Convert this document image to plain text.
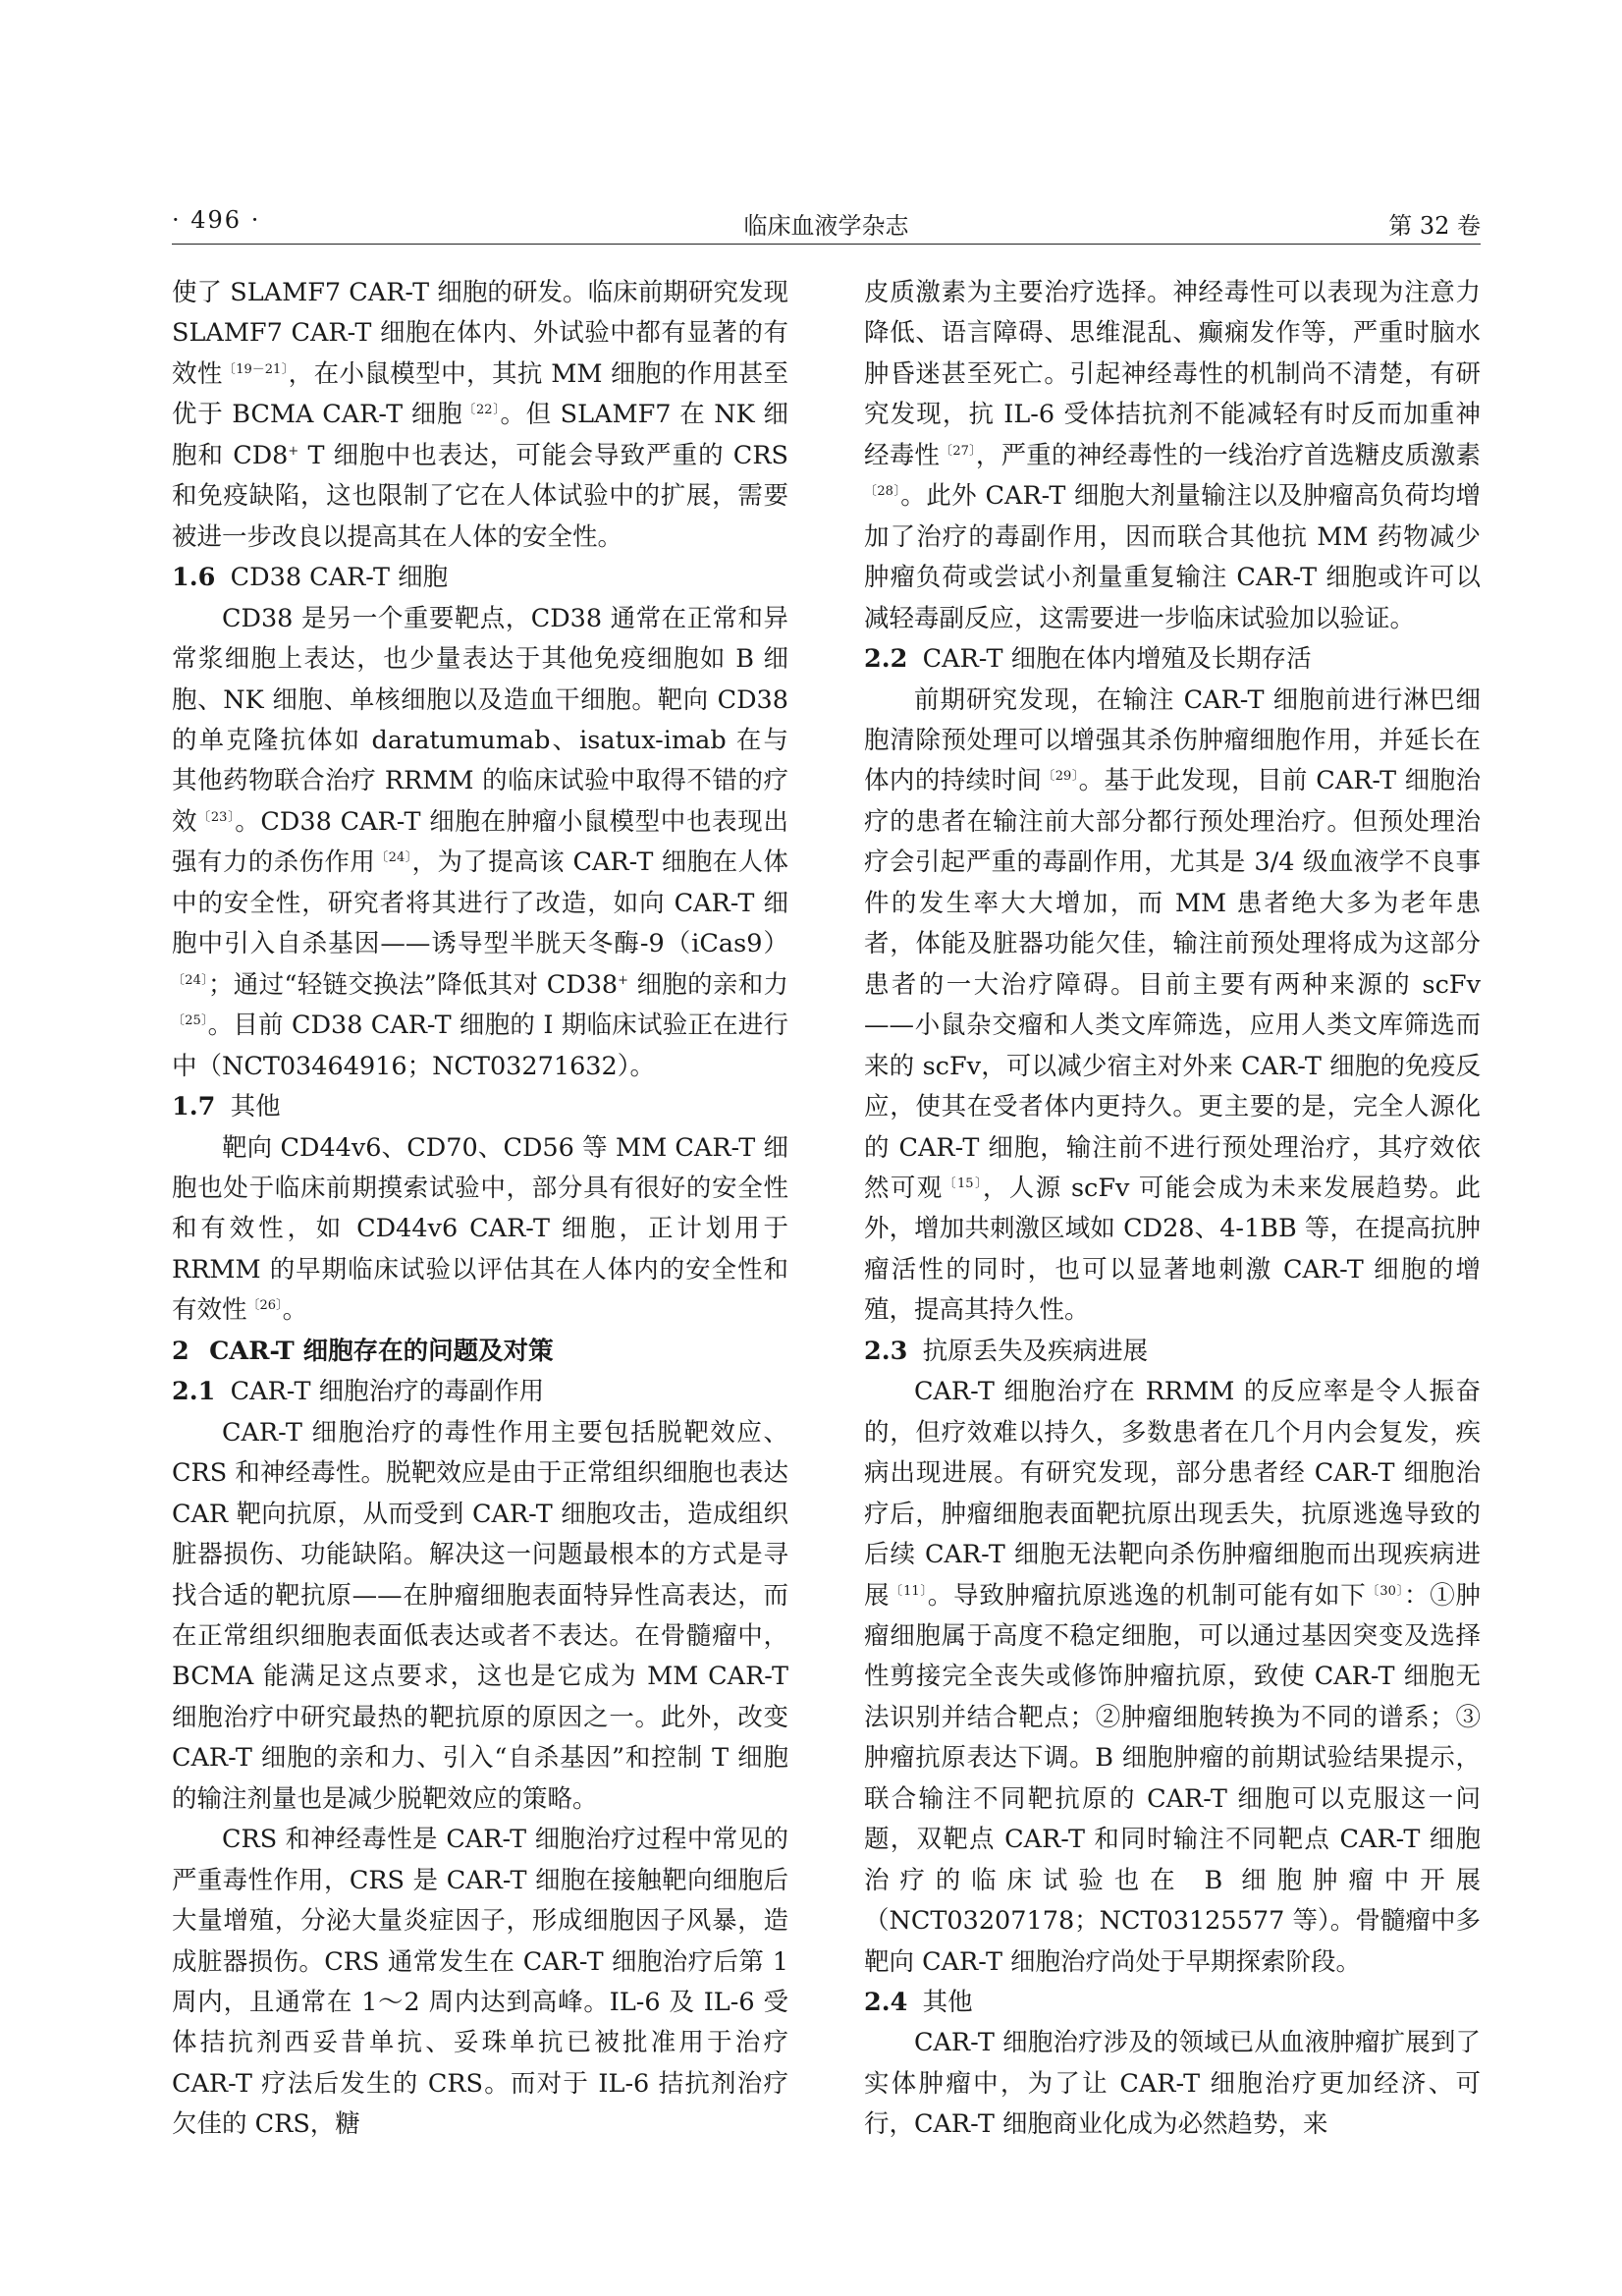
· 496 ·	临床血液学杂志	第 32 卷

使了 SLAMF7 CAR-T 细胞的研发。临床前期研究发现 SLAMF7 CAR-T 细胞在体内、外试验中都有显著的有效性$^{〔19-21〕}$，在小鼠模型中，其抗 MM 细胞的作用甚至优于 BCMA CAR-T 细胞$^{〔22〕}$。但 SLAMF7 在 NK 细胞和 CD8+ T 细胞中也表达，可能会导致严重的 CRS 和免疫缺陷，这也限制了它在人体试验中的扩展，需要被进一步改良以提高其在人体的安全性。

1.6 CD38 CAR-T 细胞

CD38 是另一个重要靶点，CD38 通常在正常和异常浆细胞上表达，也少量表达于其他免疫细胞如 B 细胞、NK 细胞、单核细胞以及造血干细胞。靶向 CD38 的单克隆抗体如 daratumumab、isatux-imab 在与其他药物联合治疗 RRMM 的临床试验中取得不错的疗效$^{〔23〕}$。CD38 CAR-T 细胞在肿瘤小鼠模型中也表现出强有力的杀伤作用$^{〔24〕}$，为了提高该 CAR-T 细胞在人体中的安全性，研究者将其进行了改造，如向 CAR-T 细胞中引入自杀基因——诱导型半胱天冬酶-9（iCas9）$^{〔24〕}$；通过“轻链交换法”降低其对 CD38+ 细胞的亲和力$^{〔25〕}$。目前 CD38 CAR-T 细胞的 Ⅰ 期临床试验正在进行中（NCT03464916；NCT03271632）。

1.7 其他

靶向 CD44v6、CD70、CD56 等 MM CAR-T 细胞也处于临床前期摸索试验中，部分具有很好的安全性和有效性，如 CD44v6 CAR-T 细胞，正计划用于 RRMM 的早期临床试验以评估其在人体内的安全性和有效性$^{〔26〕}$。

2 CAR-T 细胞存在的问题及对策
2.1 CAR-T 细胞治疗的毒副作用

CAR-T 细胞治疗的毒性作用主要包括脱靶效应、CRS 和神经毒性。脱靶效应是由于正常组织细胞也表达 CAR 靶向抗原，从而受到 CAR-T 细胞攻击，造成组织脏器损伤、功能缺陷。解决这一问题最根本的方式是寻找合适的靶抗原——在肿瘤细胞表面特异性高表达，而在正常组织细胞表面低表达或者不表达。在骨髓瘤中，BCMA 能满足这点要求，这也是它成为 MM CAR-T 细胞治疗中研究最热的靶抗原的原因之一。此外，改变 CAR-T 细胞的亲和力、引入“自杀基因”和控制 T 细胞的输注剂量也是减少脱靶效应的策略。

CRS 和神经毒性是 CAR-T 细胞治疗过程中常见的严重毒性作用，CRS 是 CAR-T 细胞在接触靶向细胞后大量增殖，分泌大量炎症因子，形成细胞因子风暴，造成脏器损伤。CRS 通常发生在 CAR-T 细胞治疗后第 1 周内，且通常在 1～2 周内达到高峰。IL-6 及 IL-6 受体拮抗剂西妥昔单抗、妥珠单抗已被批准用于治疗 CAR-T 疗法后发生的 CRS。而对于 IL-6 拮抗剂治疗欠佳的 CRS，糖

皮质激素为主要治疗选择。神经毒性可以表现为注意力降低、语言障碍、思维混乱、癫痫发作等，严重时脑水肿昏迷甚至死亡。引起神经毒性的机制尚不清楚，有研究发现，抗 IL-6 受体拮抗剂不能减轻有时反而加重神经毒性$^{〔27〕}$，严重的神经毒性的一线治疗首选糖皮质激素$^{〔28〕}$。此外 CAR-T 细胞大剂量输注以及肿瘤高负荷均增加了治疗的毒副作用，因而联合其他抗 MM 药物减少肿瘤负荷或尝试小剂量重复输注 CAR-T 细胞或许可以减轻毒副反应，这需要进一步临床试验加以验证。

2.2 CAR-T 细胞在体内增殖及长期存活

前期研究发现，在输注 CAR-T 细胞前进行淋巴细胞清除预处理可以增强其杀伤肿瘤细胞作用，并延长在体内的持续时间$^{〔29〕}$。基于此发现，目前 CAR-T 细胞治疗的患者在输注前大部分都行预处理治疗。但预处理治疗会引起严重的毒副作用，尤其是 3/4 级血液学不良事件的发生率大大增加，而 MM 患者绝大多为老年患者，体能及脏器功能欠佳，输注前预处理将成为这部分患者的一大治疗障碍。目前主要有两种来源的 scFv——小鼠杂交瘤和人类文库筛选，应用人类文库筛选而来的 scFv，可以减少宿主对外来 CAR-T 细胞的免疫反应，使其在受者体内更持久。更主要的是，完全人源化的 CAR-T 细胞，输注前不进行预处理治疗，其疗效依然可观$^{〔15〕}$，人源 scFv 可能会成为未来发展趋势。此外，增加共刺激区域如 CD28、4-1BB 等，在提高抗肿瘤活性的同时，也可以显著地刺激 CAR-T 细胞的增殖，提高其持久性。

2.3 抗原丢失及疾病进展

CAR-T 细胞治疗在 RRMM 的反应率是令人振奋的，但疗效难以持久，多数患者在几个月内会复发，疾病出现进展。有研究发现，部分患者经 CAR-T 细胞治疗后，肿瘤细胞表面靶抗原出现丢失，抗原逃逸导致的后续 CAR-T 细胞无法靶向杀伤肿瘤细胞而出现疾病进展$^{〔11〕}$。导致肿瘤抗原逃逸的机制可能有如下$^{〔30〕}$：①肿瘤细胞属于高度不稳定细胞，可以通过基因突变及选择性剪接完全丧失或修饰肿瘤抗原，致使 CAR-T 细胞无法识别并结合靶点；②肿瘤细胞转换为不同的谱系；③肿瘤抗原表达下调。B 细胞肿瘤的前期试验结果提示，联合输注不同靶抗原的 CAR-T 细胞可以克服这一问题，双靶点 CAR-T 和同时输注不同靶点 CAR-T 细胞治疗的临床试验也在 B 细胞肿瘤中开展（NCT03207178；NCT03125577 等）。骨髓瘤中多靶向 CAR-T 细胞治疗尚处于早期探索阶段。

2.4 其他

CAR-T 细胞治疗涉及的领域已从血液肿瘤扩展到了实体肿瘤中，为了让 CAR-T 细胞治疗更加经济、可行，CAR-T 细胞商业化成为必然趋势，来
